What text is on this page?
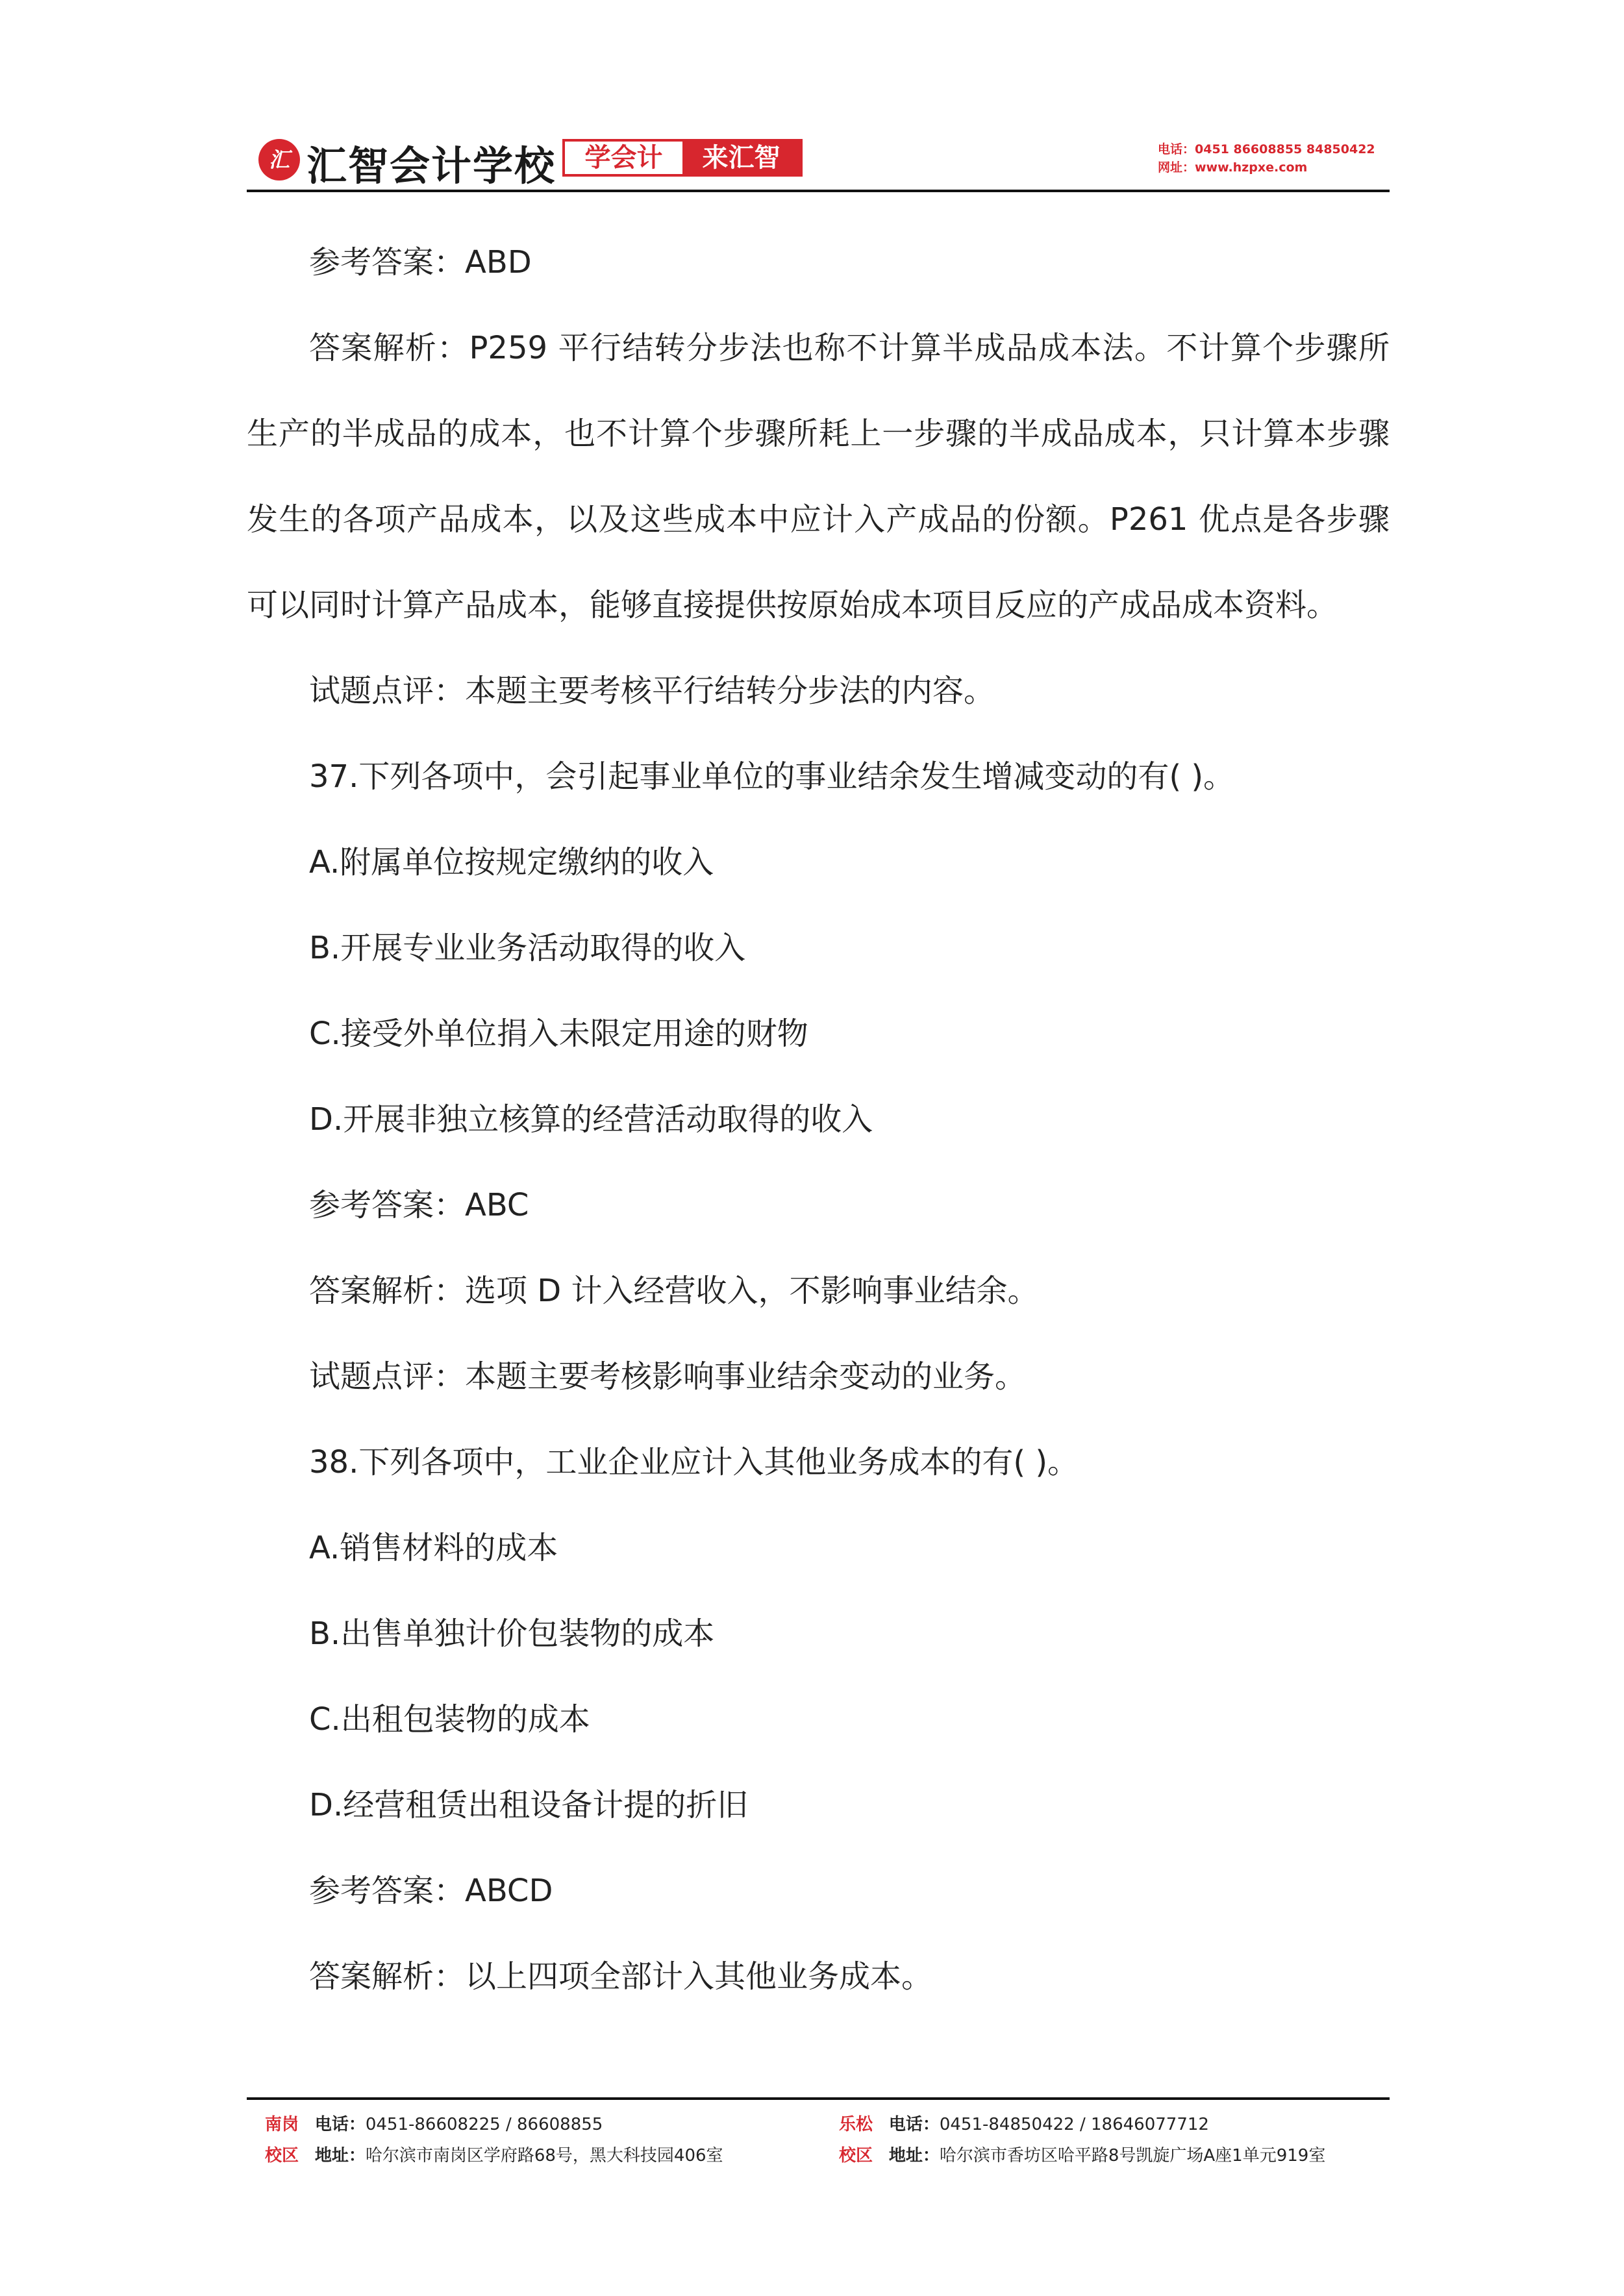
汇 汇智会计学校	学会计	来汇智	电话：0451 86608855 84850422
网址：www.hzpxe.com

参考答案：ABD

答案解析：P259 平行结转分步法也称不计算半成品成本法。不计算个步骤所生产的半成品的成本，也不计算个步骤所耗上一步骤的半成品成本，只计算本步骤发生的各项产品成本，以及这些成本中应计入产成品的份额。P261 优点是各步骤可以同时计算产品成本，能够直接提供按原始成本项目反应的产成品成本资料。

试题点评：本题主要考核平行结转分步法的内容。

37.下列各项中，会引起事业单位的事业结余发生增减变动的有( )。

A.附属单位按规定缴纳的收入

B.开展专业业务活动取得的收入

C.接受外单位捐入未限定用途的财物

D.开展非独立核算的经营活动取得的收入

参考答案：ABC

答案解析：选项 D 计入经营收入，不影响事业结余。

试题点评：本题主要考核影响事业结余变动的业务。

38.下列各项中，工业企业应计入其他业务成本的有( )。

A.销售材料的成本

B.出售单独计价包装物的成本

C.出租包装物的成本

D.经营租赁出租设备计提的折旧

参考答案：ABCD

答案解析：以上四项全部计入其他业务成本。

南岗 电话：0451-86608225 / 86608855
校区 地址：哈尔滨市南岗区学府路68号，黑大科技园406室
乐松 电话：0451-84850422 / 18646077712
校区 地址：哈尔滨市香坊区哈平路8号凯旋广场A座1单元919室
